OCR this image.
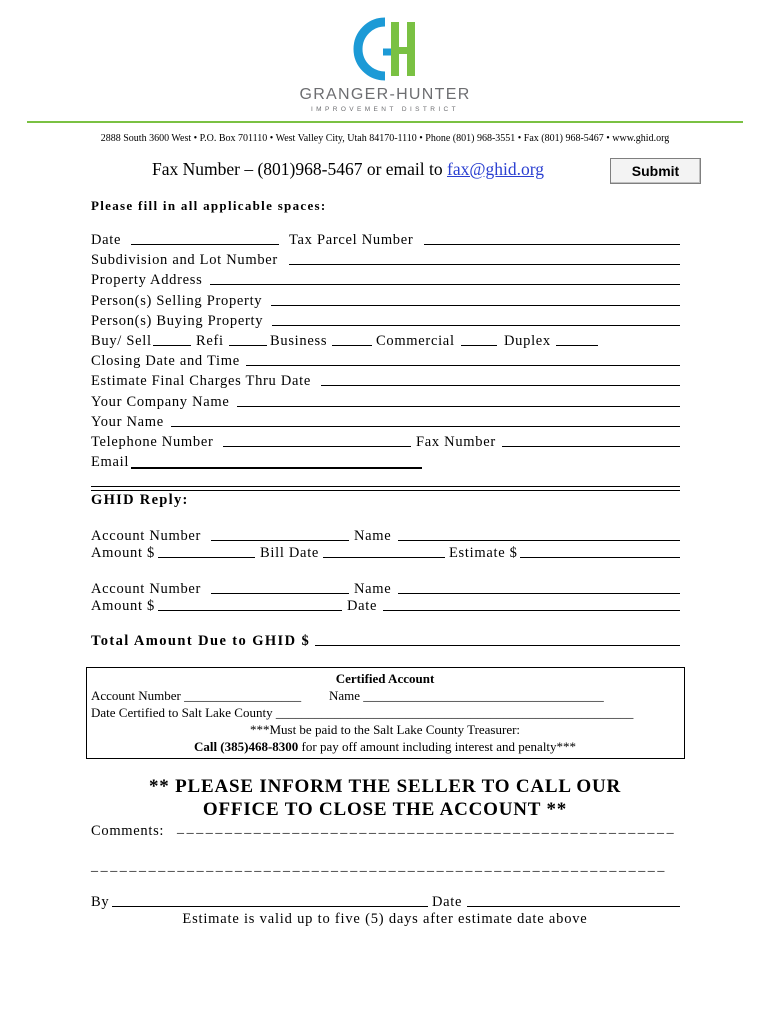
GRANGER-HUNTER
IMPROVEMENT DISTRICT
2888 South 3600 West • P.O. Box 701110 • West Valley City, Utah 84170-1110 • Phone (801) 968-3551 • Fax (801) 968-5467 • www.ghid.org
Fax Number – (801)968-5467 or email to fax@ghid.org	Submit
Please fill in all applicable spaces:
Date	Tax Parcel Number
Subdivision and Lot Number
Property Address
Person(s) Selling Property
Person(s) Buying Property
Buy/ Sell	Refi	Business	Commercial	Duplex
Closing Date and Time
Estimate Final Charges Thru Date
Your Company Name
Your Name
Telephone Number	Fax Number
Email
GHID Reply:
Account Number	Name
Amount $	Bill Date	Estimate $
Account Number	Name
Amount $	Date
Total Amount Due to GHID $
Certified Account
Account Number __________________ Name _____________________________________
Date Certified to Salt Lake County _______________________________________________________
***Must be paid to the Salt Lake County Treasurer:
Call (385)468-8300 for pay off amount including interest and penalty***
** PLEASE INFORM THE SELLER TO CALL OUR
OFFICE TO CLOSE THE ACCOUNT **
Comments: ____________________________________________________
____________________________________________________________
By	Date
Estimate is valid up to five (5) days after estimate date above
